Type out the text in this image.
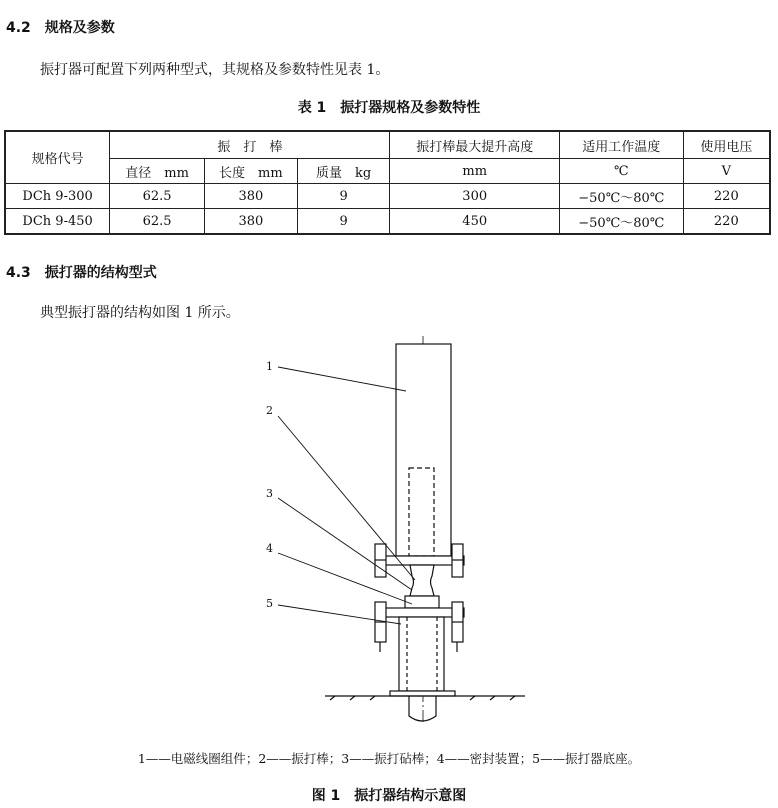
4.2　规格及参数
振打器可配置下列两种型式，其规格及参数特性见表 1。
表 1　振打器规格及参数特性
规格代号	振　打　棒			振打棒最大提升高度	适用工作温度	使用电压
	直径　mm	长度　mm	质量　kg	mm	℃	V
DCh 9-300	62.5	380	9	300	−50℃～80℃	220
DCh 9-450	62.5	380	9	450	−50℃～80℃	220
4.3　振打器的结构型式
典型振打器的结构如图 1 所示。
1
2
3
4
5
1——电磁线圈组件；2——振打棒；3——振打砧棒；4——密封装置；5——振打器底座。
图 1　振打器结构示意图
